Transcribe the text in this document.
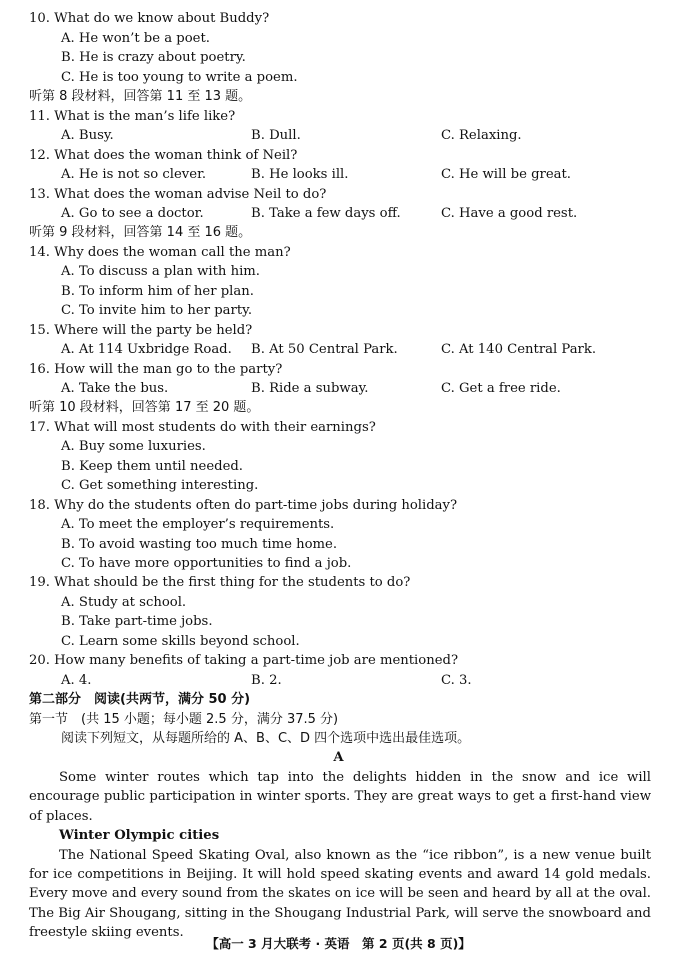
10. What do we know about Buddy?
A. He won’t be a poet.
B. He is crazy about poetry.
C. He is too young to write a poem.
听第 8 段材料，回答第 11 至 13 题。
11. What is the man’s life like?
A. Busy.	B. Dull.	C. Relaxing.
12. What does the woman think of Neil?
A. He is not so clever.	B. He looks ill.	C. He will be great.
13. What does the woman advise Neil to do?
A. Go to see a doctor.	B. Take a few days off.	C. Have a good rest.
听第 9 段材料，回答第 14 至 16 题。
14. Why does the woman call the man?
A. To discuss a plan with him.
B. To inform him of her plan.
C. To invite him to her party.
15. Where will the party be held?
A. At 114 Uxbridge Road. B. At 50 Central Park.	C. At 140 Central Park.
16. How will the man go to the party?
A. Take the bus.	B. Ride a subway.	C. Get a free ride.
听第 10 段材料，回答第 17 至 20 题。
17. What will most students do with their earnings?
A. Buy some luxuries.
B. Keep them until needed.
C. Get something interesting.
18. Why do the students often do part-time jobs during holiday?
A. To meet the employer’s requirements.
B. To avoid wasting too much time home.
C. To have more opportunities to find a job.
19. What should be the first thing for the students to do?
A. Study at school.
B. Take part-time jobs.
C. Learn some skills beyond school.
20. How many benefits of taking a part-time job are mentioned?
A. 4.	B. 2.	C. 3.
第二部分　阅读(共两节，满分 50 分)
第一节　(共 15 小题；每小题 2.5 分，满分 37.5 分)
阅读下列短文，从每题所给的 A、B、C、D 四个选项中选出最佳选项。
A

Some winter routes which tap into the delights hidden in the snow and ice will encourage public participation in winter sports. They are great ways to get a first-hand view of places.

Winter Olympic cities

The National Speed Skating Oval, also known as the “ice ribbon”, is a new venue built for ice competitions in Beijing. It will hold speed skating events and award 14 gold medals. Every move and every sound from the skates on ice will be seen and heard by all at the oval. The Big Air Shougang, sitting in the Shougang Industrial Park, will serve the snowboard and freestyle skiing events.

【高一 3 月大联考 · 英语　第 2 页(共 8 页)】
